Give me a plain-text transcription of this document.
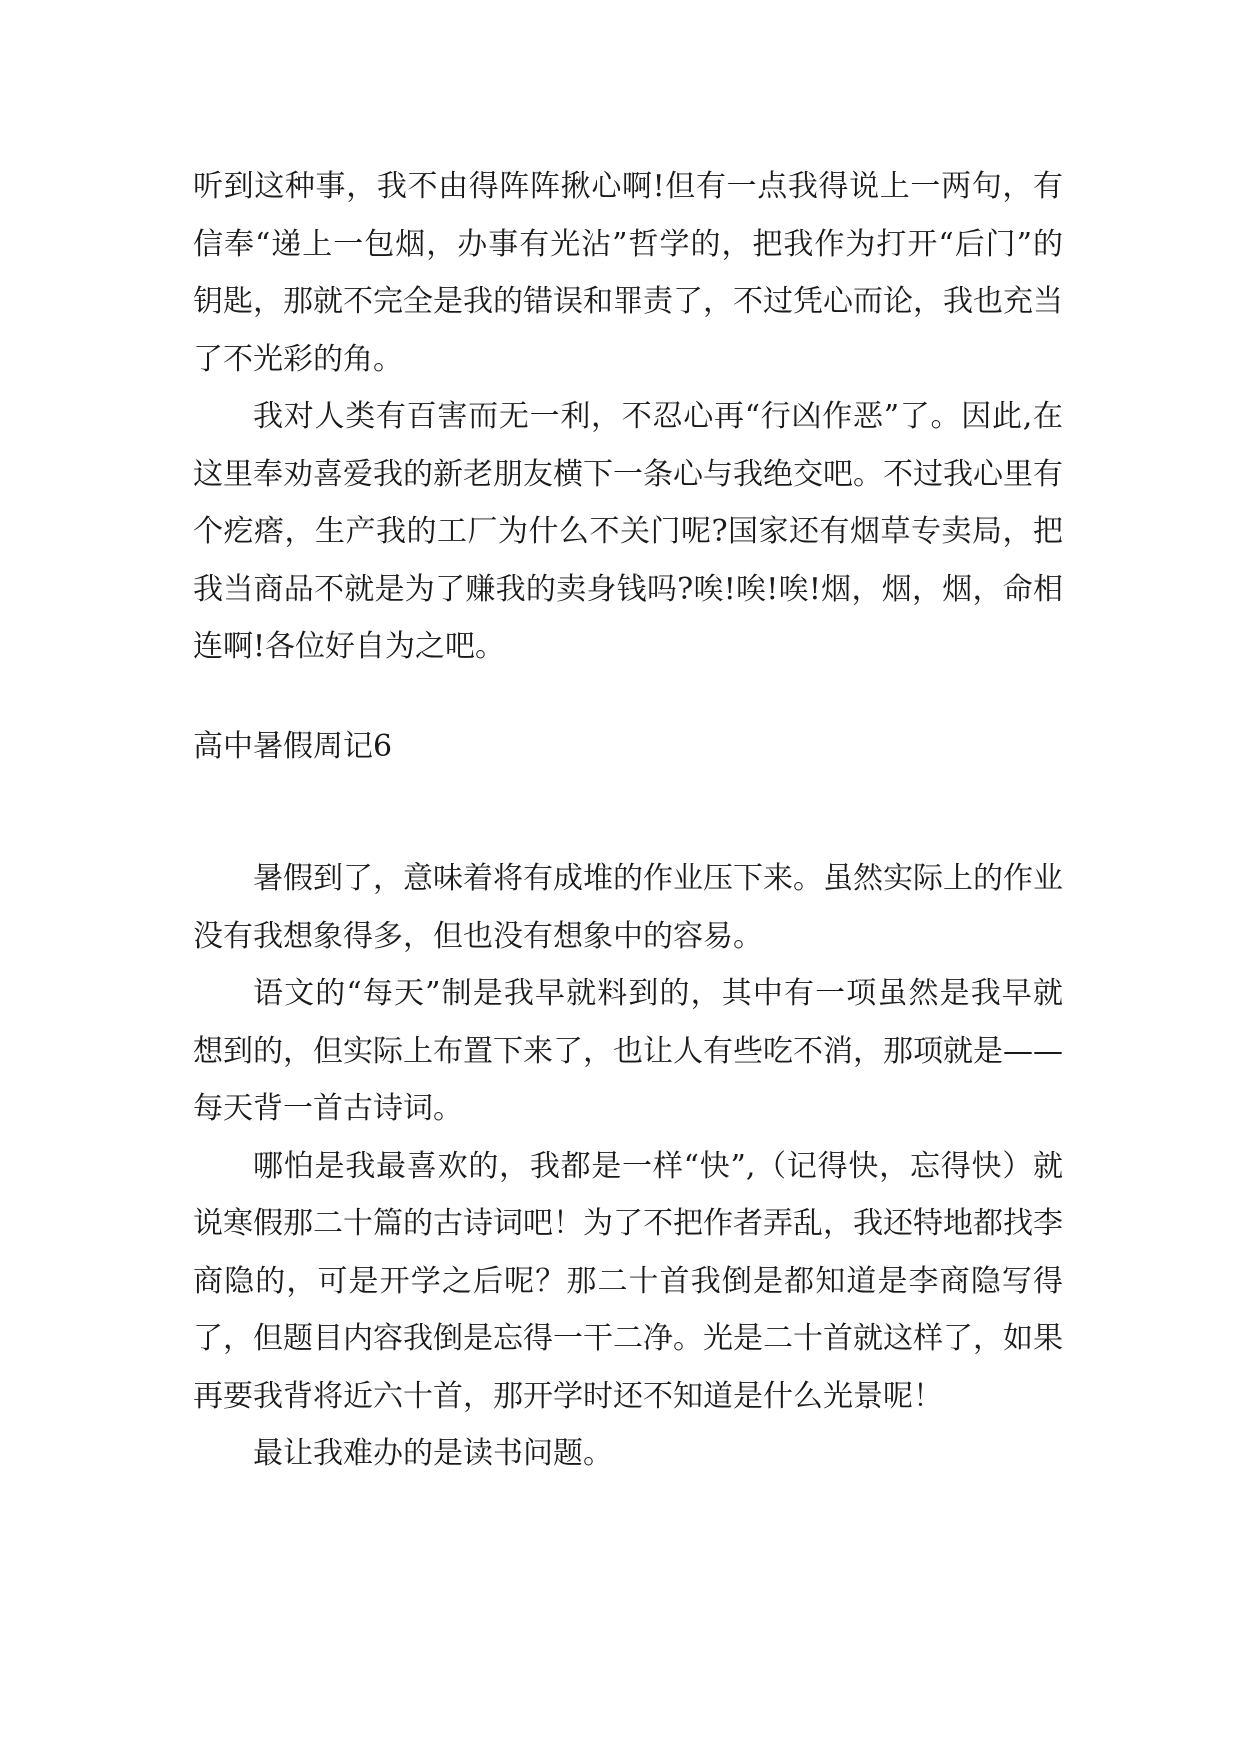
听到这种事，我不由得阵阵揪心啊!但有一点我得说上一两句，有信奉“递上一包烟，办事有光沾”哲学的，把我作为打开“后门”的钥匙，那就不完全是我的错误和罪责了，不过凭心而论，我也充当了不光彩的角。

我对人类有百害而无一利，不忍心再“行凶作恶”了。因此,在这里奉劝喜爱我的新老朋友横下一条心与我绝交吧。不过我心里有个疙瘩，生产我的工厂为什么不关门呢?国家还有烟草专卖局，把我当商品不就是为了赚我的卖身钱吗?唉!唉!唉!烟，烟，烟，命相连啊!各位好自为之吧。

高中暑假周记6

暑假到了，意味着将有成堆的作业压下来。虽然实际上的作业没有我想象得多，但也没有想象中的容易。

语文的“每天”制是我早就料到的，其中有一项虽然是我早就想到的，但实际上布置下来了，也让人有些吃不消，那项就是——每天背一首古诗词。

哪怕是我最喜欢的，我都是一样“快”,（记得快，忘得快）就说寒假那二十篇的古诗词吧！为了不把作者弄乱，我还特地都找李商隐的，可是开学之后呢？那二十首我倒是都知道是李商隐写得了，但题目内容我倒是忘得一干二净。光是二十首就这样了，如果再要我背将近六十首，那开学时还不知道是什么光景呢！

最让我难办的是读书问题。
